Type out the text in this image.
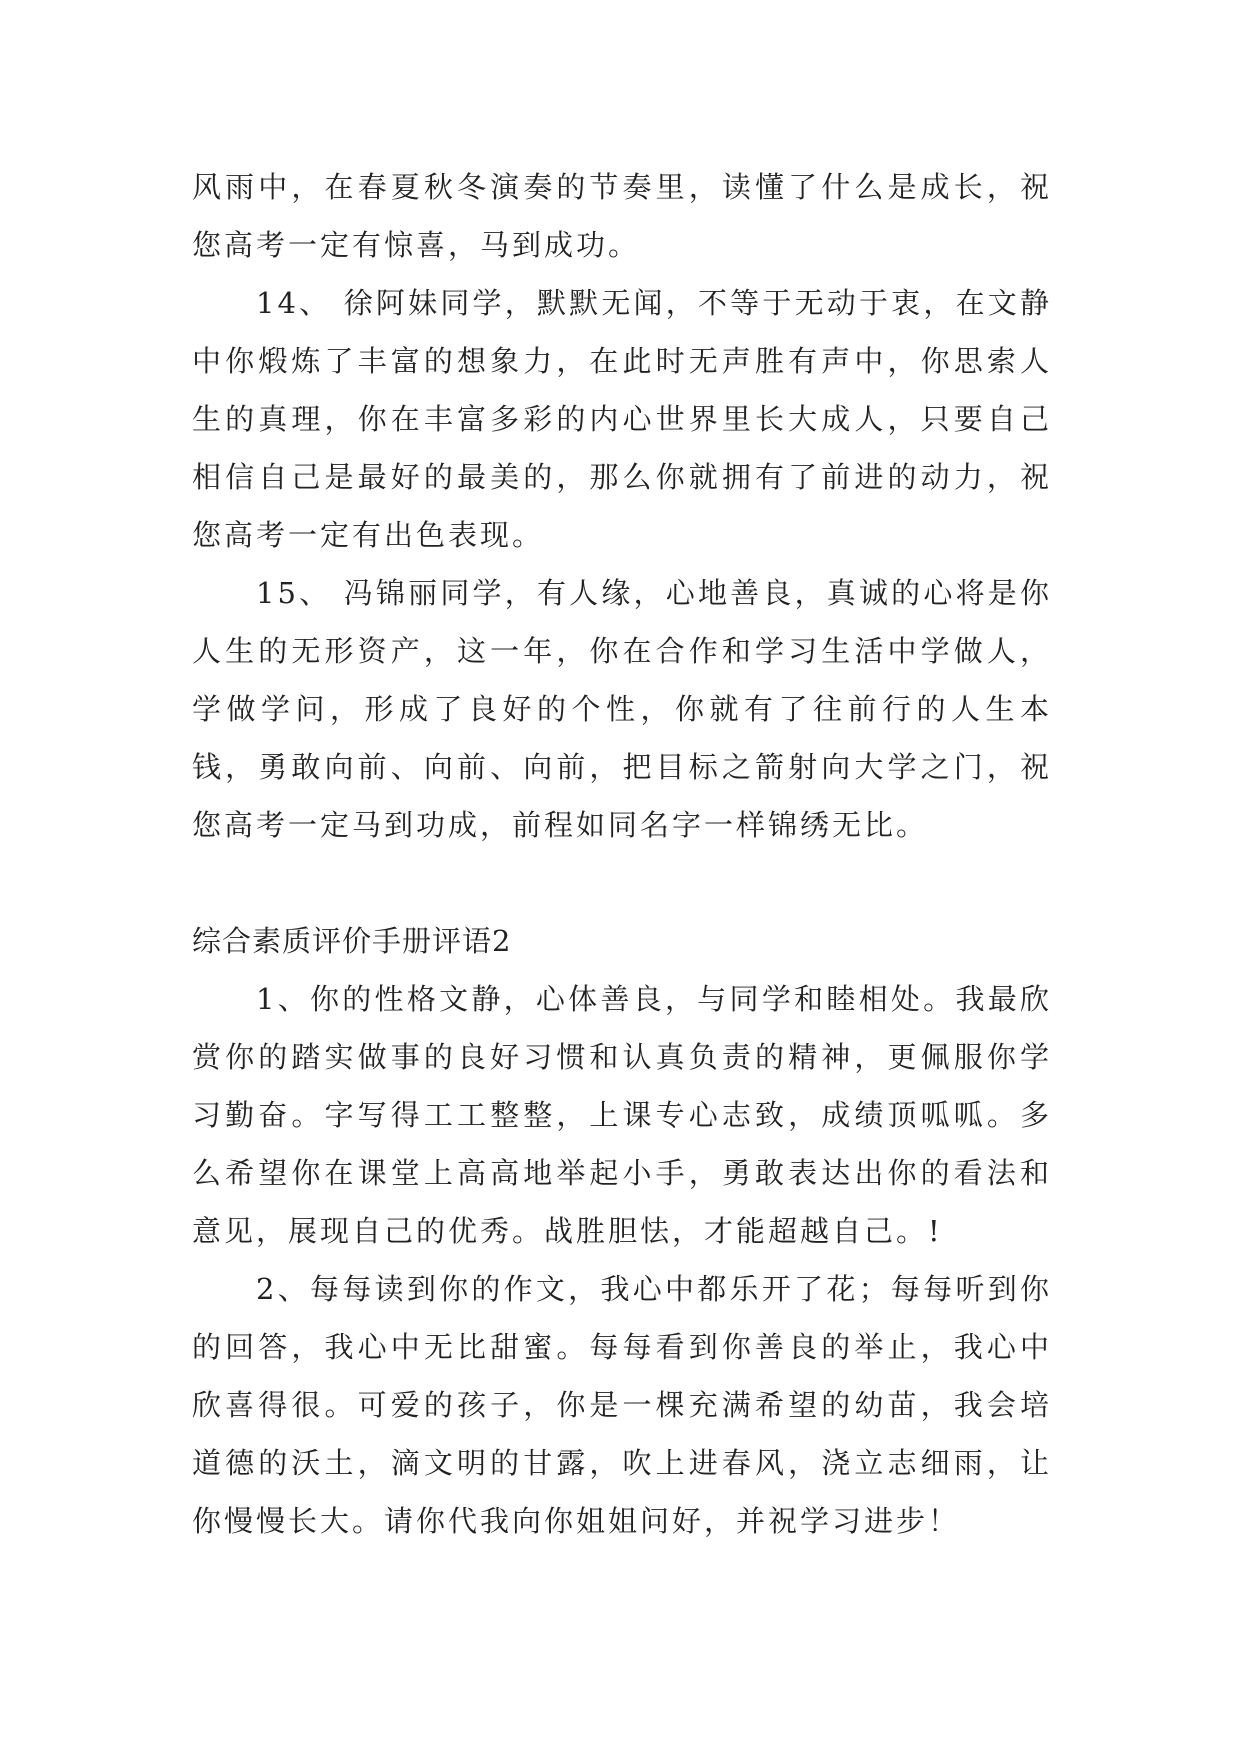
风雨中，在春夏秋冬演奏的节奏里，读懂了什么是成长，祝您高考一定有惊喜，马到成功。

14、 徐阿妹同学，默默无闻，不等于无动于衷，在文静中你煅炼了丰富的想象力，在此时无声胜有声中，你思索人生的真理，你在丰富多彩的内心世界里长大成人，只要自己相信自己是最好的最美的，那么你就拥有了前进的动力，祝您高考一定有出色表现。

15、 冯锦丽同学，有人缘，心地善良，真诚的心将是你人生的无形资产，这一年，你在合作和学习生活中学做人，学做学问，形成了良好的个性，你就有了往前行的人生本钱，勇敢向前、向前、向前，把目标之箭射向大学之门，祝您高考一定马到功成，前程如同名字一样锦绣无比。

综合素质评价手册评语2

1、你的性格文静，心体善良，与同学和睦相处。我最欣赏你的踏实做事的良好习惯和认真负责的精神，更佩服你学习勤奋。字写得工工整整，上课专心志致，成绩顶呱呱。多么希望你在课堂上高高地举起小手，勇敢表达出你的看法和意见，展现自己的优秀。战胜胆怯，才能超越自己。!

2、每每读到你的作文，我心中都乐开了花；每每听到你的回答，我心中无比甜蜜。每每看到你善良的举止，我心中欣喜得很。可爱的孩子，你是一棵充满希望的幼苗，我会培道德的沃土，滴文明的甘露，吹上进春风，浇立志细雨，让你慢慢长大。请你代我向你姐姐问好，并祝学习进步！
